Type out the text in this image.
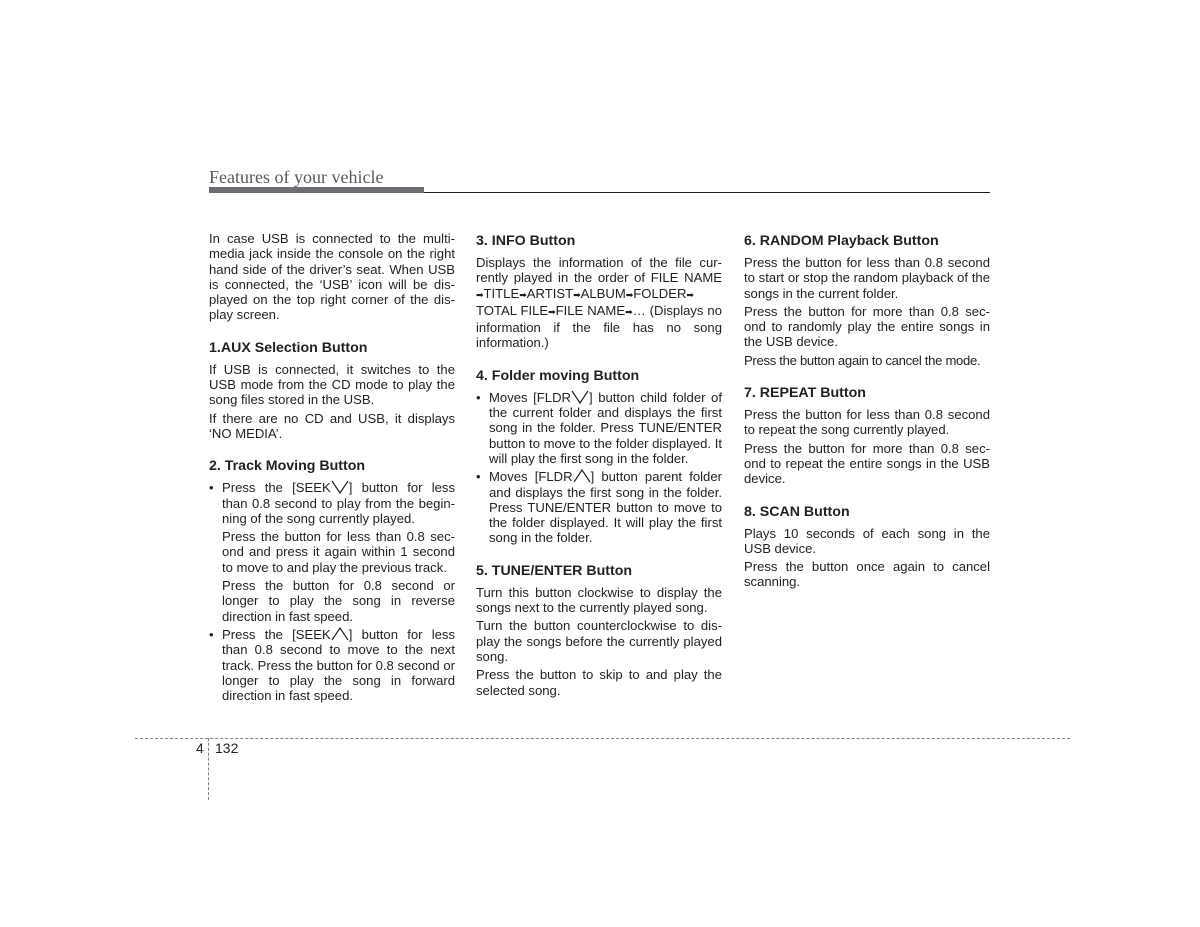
Features of your vehicle

In case USB is connected to the multi-media jack inside the console on the right hand side of the driver’s seat. When USB is connected, the ‘USB’ icon will be dis-played on the top right corner of the dis-play screen.

1.AUX Selection Button

If USB is connected, it switches to the USB mode from the CD mode to play the song files stored in the USB.

If there are no CD and USB, it displays ‘NO MEDIA’.

2. Track Moving Button

• Press the [SEEK ] button for less than 0.8 second to play from the begin-ning of the song currently played.

Press the button for less than 0.8 sec-ond and press it again within 1 second to move to and play the previous track.

Press the button for 0.8 second or longer to play the song in reverse direction in fast speed.

• Press the [SEEK ] button for less than 0.8 second to move to the next track. Press the button for 0.8 second or longer to play the song in forward direction in fast speed.

3. INFO Button

Displays the information of the file cur-rently played in the order of FILE NAME ➡TITLE➡ARTIST➡ALBUM➡FOLDER➡ TOTAL FILE➡FILE NAME➡… (Displays no information if the file has no song information.)

4. Folder moving Button

• Moves [FLDR ] button child folder of the current folder and displays the first song in the folder. Press TUNE/ENTER button to move to the folder displayed. It will play the first song in the folder.

• Moves [FLDR ] button parent folder and displays the first song in the folder. Press TUNE/ENTER button to move to the folder displayed. It will play the first song in the folder.

5. TUNE/ENTER Button

Turn this button clockwise to display the songs next to the currently played song.

Turn the button counterclockwise to dis-play the songs before the currently played song.

Press the button to skip to and play the selected song.

6. RANDOM Playback Button

Press the button for less than 0.8 second to start or stop the random playback of the songs in the current folder.

Press the button for more than 0.8 sec-ond to randomly play the entire songs in the USB device.

Press the button again to cancel the mode.

7. REPEAT Button

Press the button for less than 0.8 second to repeat the song currently played.

Press the button for more than 0.8 sec-ond to repeat the entire songs in the USB device.

8. SCAN Button

Plays 10 seconds of each song in the USB device.

Press the button once again to cancel scanning.

4 132
